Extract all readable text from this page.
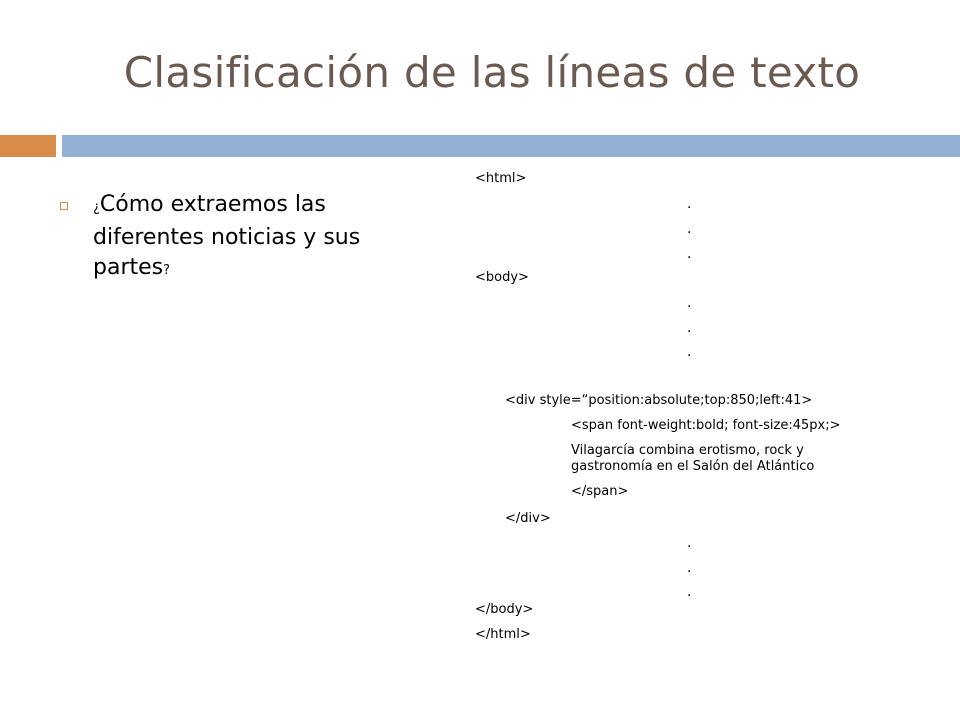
Clasificación de las líneas de texto
¿Cómo extraemos las diferentes noticias y sus partes?
<html>
.
.
.
<body>
.
.
.
<div style=“position:absolute;top:850;left:41>
<span font-weight:bold; font-size:45px;>
Vilagarcía combina erotismo, rock y gastronomía en el Salón del Atlántico
</span>
</div>
.
.
.
</body>
</html>
